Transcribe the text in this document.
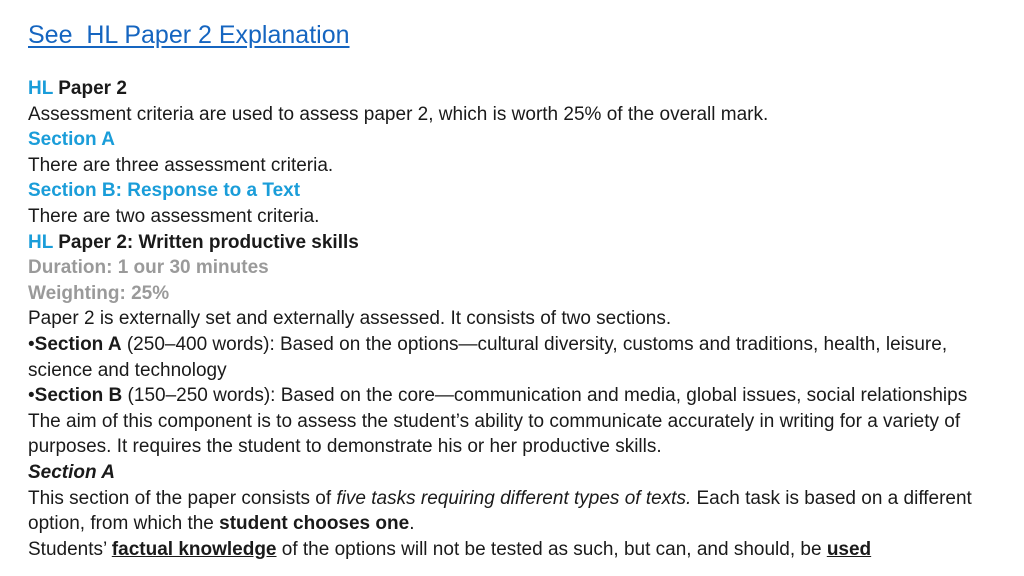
See  HL Paper 2 Explanation

HL Paper 2

Assessment criteria are used to assess paper 2, which is worth 25% of the overall mark.

Section A

There are three assessment criteria.

Section B: Response to a Text

There are two assessment criteria.

HL Paper 2: Written productive skills

Duration: 1 our 30 minutes

Weighting: 25%

Paper 2 is externally set and externally assessed. It consists of two sections.

•Section A (250–400 words): Based on the options—cultural diversity, customs and traditions, health, leisure, science and technology

•Section B (150–250 words): Based on the core—communication and media, global issues, social relationships

The aim of this component is to assess the student’s ability to communicate accurately in writing for a variety of purposes. It requires the student to demonstrate his or her productive skills.

Section A

This section of the paper consists of five tasks requiring different types of texts. Each task is based on a different option, from which the student chooses one.

Students’ factual knowledge of the options will not be tested as such, but can, and should, be used
